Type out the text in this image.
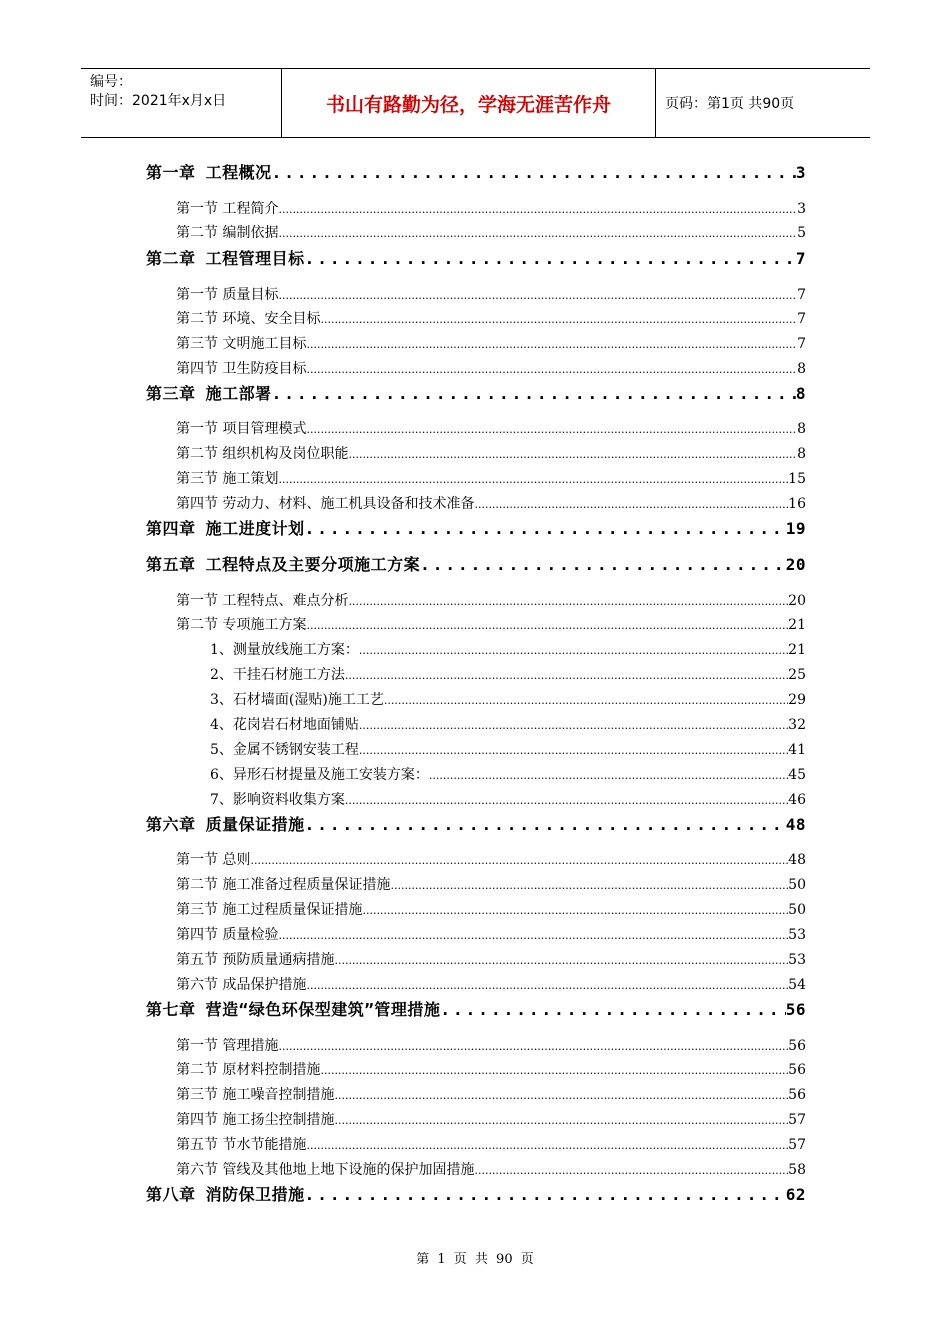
编号：
时间：2021年x月x日	书山有路勤为径，学海无涯苦作舟	页码：第1页 共90页
第一章 工程概况 .....	3
第一节 工程简介 .....	3
第二节 编制依据 .....	5
第二章 工程管理目标 .....	7
第一节 质量目标 .....	7
第二节 环境、安全目标 .....	7
第三节 文明施工目标 .....	7
第四节 卫生防疫目标 .....	8
第三章 施工部署 .....	8
第一节 项目管理模式 .....	8
第二节 组织机构及岗位职能 .....	8
第三节 施工策划 .....	15
第四节 劳动力、材料、施工机具设备和技术准备 .....	16
第四章 施工进度计划 .....	19
第五章 工程特点及主要分项施工方案 .....	20
第一节 工程特点、难点分析 .....	20
第二节 专项施工方案 .....	21
1、测量放线施工方案： .....	21
2、干挂石材施工方法 .....	25
3、石材墙面(湿贴)施工工艺 .....	29
4、花岗岩石材地面铺贴 .....	32
5、金属不锈钢安装工程 .....	41
6、异形石材提量及施工安装方案： .....	45
7、影响资料收集方案 .....	46
第六章 质量保证措施 .....	48
第一节 总则 .....	48
第二节 施工准备过程质量保证措施 .....	50
第三节 施工过程质量保证措施 .....	50
第四节 质量检验 .....	53
第五节 预防质量通病措施 .....	53
第六节 成品保护措施 .....	54
第七章 营造“绿色环保型建筑”管理措施 .....	56
第一节 管理措施 .....	56
第二节 原材料控制措施 .....	56
第三节 施工噪音控制措施 .....	56
第四节 施工扬尘控制措施 .....	57
第五节 节水节能措施 .....	57
第六节 管线及其他地上地下设施的保护加固措施 .....	58
第八章 消防保卫措施 .....	62
第 1 页 共 90 页
